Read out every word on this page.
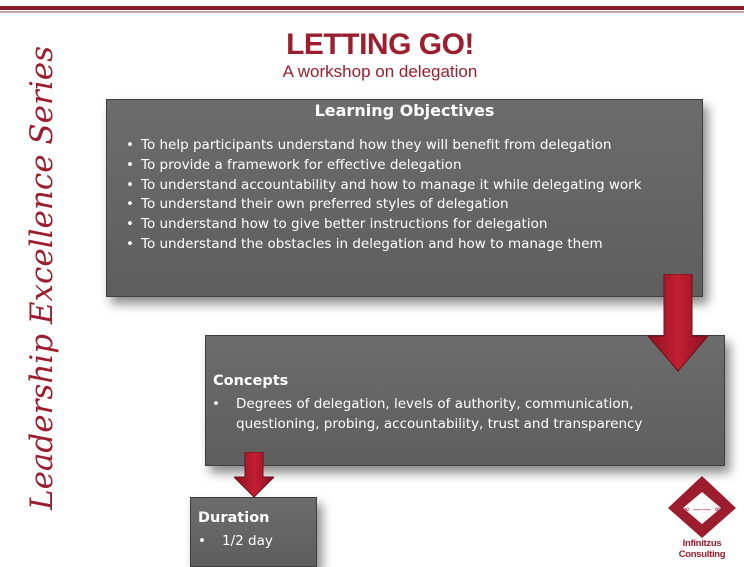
Leadership Excellence Series
LETTING GO!
A workshop on delegation
Learning Objectives
• To help participants understand how they will benefit from delegation
• To provide a framework for effective delegation
• To understand accountability and how to manage it while delegating work
• To understand their own preferred styles of delegation
• To understand how to give better instructions for delegation
• To understand the obstacles in delegation and how to manage them
Concepts
• Degrees of delegation, levels of authority, communication, questioning, probing, accountability, trust and transparency
Duration
• 1/2 day
∞ —— ∞
Infinitzus Consulting
